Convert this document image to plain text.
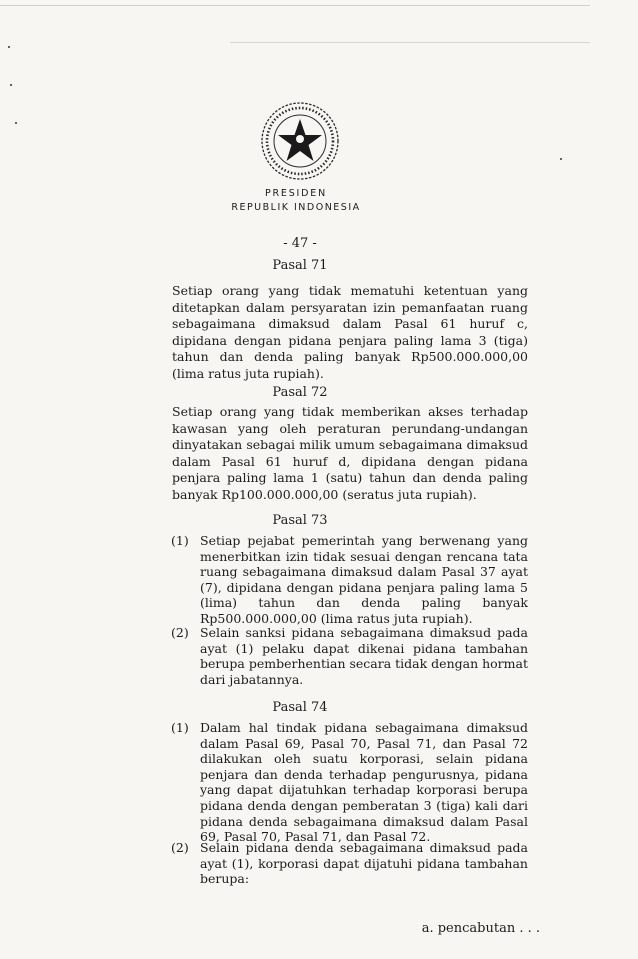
PRESIDEN
REPUBLIK INDONESIA
- 47 -
Pasal 71
Setiap orang yang tidak mematuhi ketentuan yang ditetapkan dalam persyaratan izin pemanfaatan ruang sebagaimana dimaksud dalam Pasal 61 huruf c, dipidana dengan pidana penjara paling lama 3 (tiga) tahun dan denda paling banyak Rp500.000.000,00 (lima ratus juta rupiah).
Pasal 72
Setiap orang yang tidak memberikan akses terhadap kawasan yang oleh peraturan perundang-undangan dinyatakan sebagai milik umum sebagaimana dimaksud dalam Pasal 61 huruf d, dipidana dengan pidana penjara paling lama 1 (satu) tahun dan denda paling banyak Rp100.000.000,00 (seratus juta rupiah).
Pasal 73
(1) Setiap pejabat pemerintah yang berwenang yang menerbitkan izin tidak sesuai dengan rencana tata ruang sebagaimana dimaksud dalam Pasal 37 ayat (7), dipidana dengan pidana penjara paling lama 5 (lima) tahun dan denda paling banyak Rp500.000.000,00 (lima ratus juta rupiah).
(2) Selain sanksi pidana sebagaimana dimaksud pada ayat (1) pelaku dapat dikenai pidana tambahan berupa pemberhentian secara tidak dengan hormat dari jabatannya.
Pasal 74
(1) Dalam hal tindak pidana sebagaimana dimaksud dalam Pasal 69, Pasal 70, Pasal 71, dan Pasal 72 dilakukan oleh suatu korporasi, selain pidana penjara dan denda terhadap pengurusnya, pidana yang dapat dijatuhkan terhadap korporasi berupa pidana denda dengan pemberatan 3 (tiga) kali dari pidana denda sebagaimana dimaksud dalam Pasal 69, Pasal 70, Pasal 71, dan Pasal 72.
(2) Selain pidana denda sebagaimana dimaksud pada ayat (1), korporasi dapat dijatuhi pidana tambahan berupa:
a. pencabutan . . .
